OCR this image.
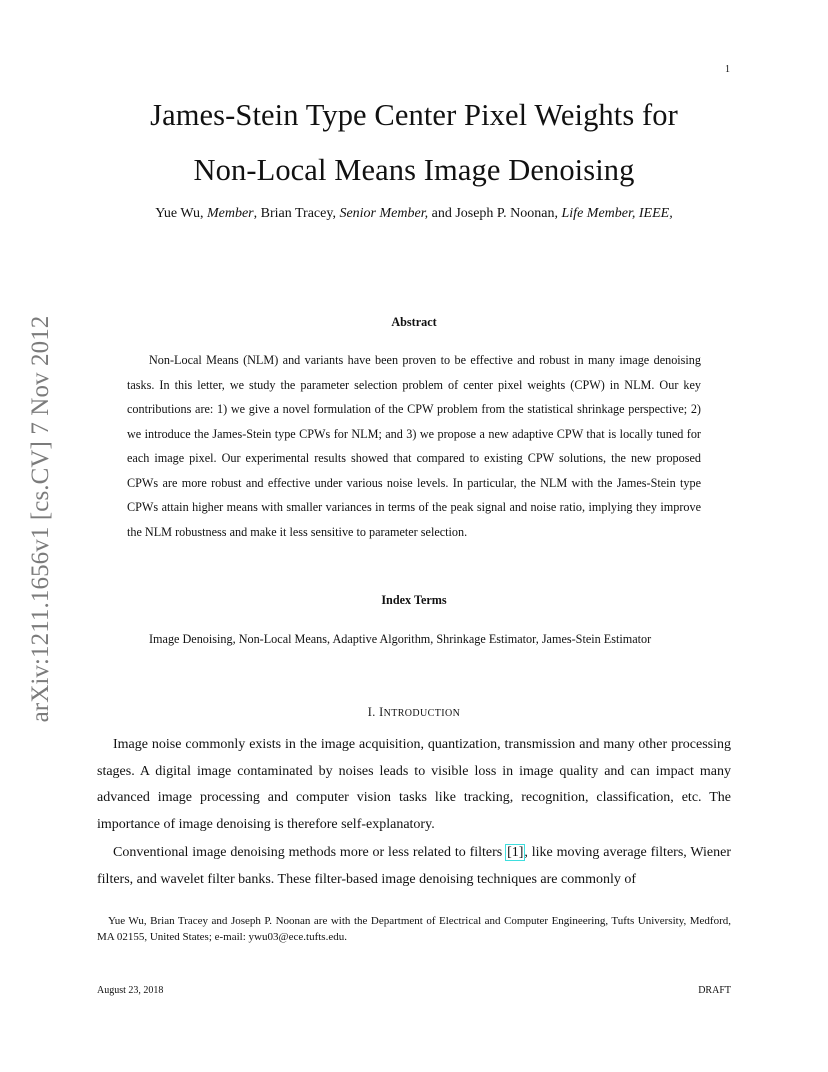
1
arXiv:1211.1656v1 [cs.CV] 7 Nov 2012
James-Stein Type Center Pixel Weights for
Non-Local Means Image Denoising
Yue Wu, Member, Brian Tracey, Senior Member, and Joseph P. Noonan, Life Member, IEEE,
Abstract
Non-Local Means (NLM) and variants have been proven to be effective and robust in many image denoising tasks. In this letter, we study the parameter selection problem of center pixel weights (CPW) in NLM. Our key contributions are: 1) we give a novel formulation of the CPW problem from the statistical shrinkage perspective; 2) we introduce the James-Stein type CPWs for NLM; and 3) we propose a new adaptive CPW that is locally tuned for each image pixel. Our experimental results showed that compared to existing CPW solutions, the new proposed CPWs are more robust and effective under various noise levels. In particular, the NLM with the James-Stein type CPWs attain higher means with smaller variances in terms of the peak signal and noise ratio, implying they improve the NLM robustness and make it less sensitive to parameter selection.
Index Terms
Image Denoising, Non-Local Means, Adaptive Algorithm, Shrinkage Estimator, James-Stein Estimator
I. INTRODUCTION
Image noise commonly exists in the image acquisition, quantization, transmission and many other processing stages. A digital image contaminated by noises leads to visible loss in image quality and can impact many advanced image processing and computer vision tasks like tracking, recognition, classification, etc. The importance of image denoising is therefore self-explanatory.
Conventional image denoising methods more or less related to filters [1], like moving average filters, Wiener filters, and wavelet filter banks. These filter-based image denoising techniques are commonly of
Yue Wu, Brian Tracey and Joseph P. Noonan are with the Department of Electrical and Computer Engineering, Tufts University, Medford, MA 02155, United States; e-mail: ywu03@ece.tufts.edu.
August 23, 2018	DRAFT
